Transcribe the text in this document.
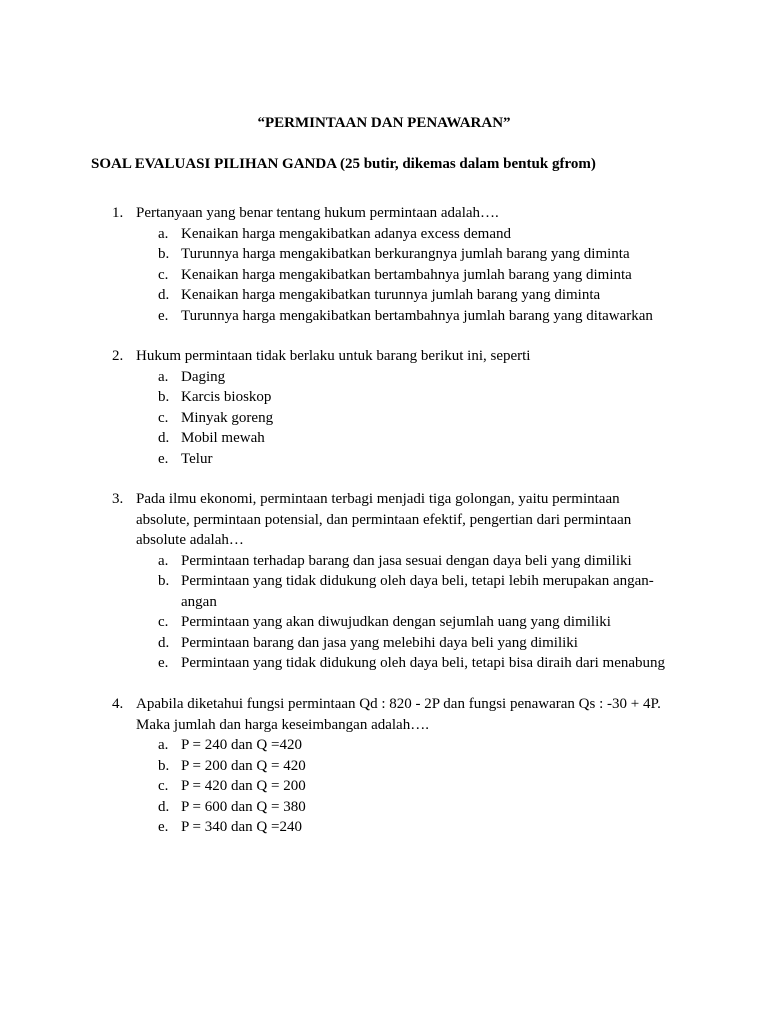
“PERMINTAAN DAN PENAWARAN”
SOAL EVALUASI PILIHAN GANDA (25 butir, dikemas dalam bentuk gfrom)
1. Pertanyaan yang benar tentang hukum permintaan adalah….
a. Kenaikan harga mengakibatkan adanya excess demand
b. Turunnya harga mengakibatkan berkurangnya jumlah barang yang diminta
c. Kenaikan harga mengakibatkan bertambahnya jumlah barang yang diminta
d. Kenaikan harga mengakibatkan turunnya jumlah barang yang diminta
e. Turunnya harga mengakibatkan bertambahnya jumlah barang yang ditawarkan
2. Hukum permintaan tidak berlaku untuk barang berikut ini, seperti
a. Daging
b. Karcis bioskop
c. Minyak goreng
d. Mobil mewah
e. Telur
3. Pada ilmu ekonomi, permintaan terbagi menjadi tiga golongan, yaitu permintaan absolute, permintaan potensial, dan permintaan efektif, pengertian dari permintaan absolute adalah…
a. Permintaan terhadap barang dan jasa sesuai dengan daya beli yang dimiliki
b. Permintaan yang tidak didukung oleh daya beli, tetapi lebih merupakan angan-angan
c. Permintaan yang akan diwujudkan dengan sejumlah uang yang dimiliki
d. Permintaan barang dan jasa yang melebihi daya beli yang dimiliki
e. Permintaan yang tidak didukung oleh daya beli, tetapi bisa diraih dari menabung
4. Apabila diketahui fungsi permintaan Qd : 820 - 2P dan fungsi penawaran Qs : -30 + 4P. Maka jumlah dan harga keseimbangan adalah….
a. P = 240 dan Q =420
b. P = 200 dan Q = 420
c. P = 420 dan Q = 200
d. P = 600 dan Q = 380
e. P = 340 dan Q =240
